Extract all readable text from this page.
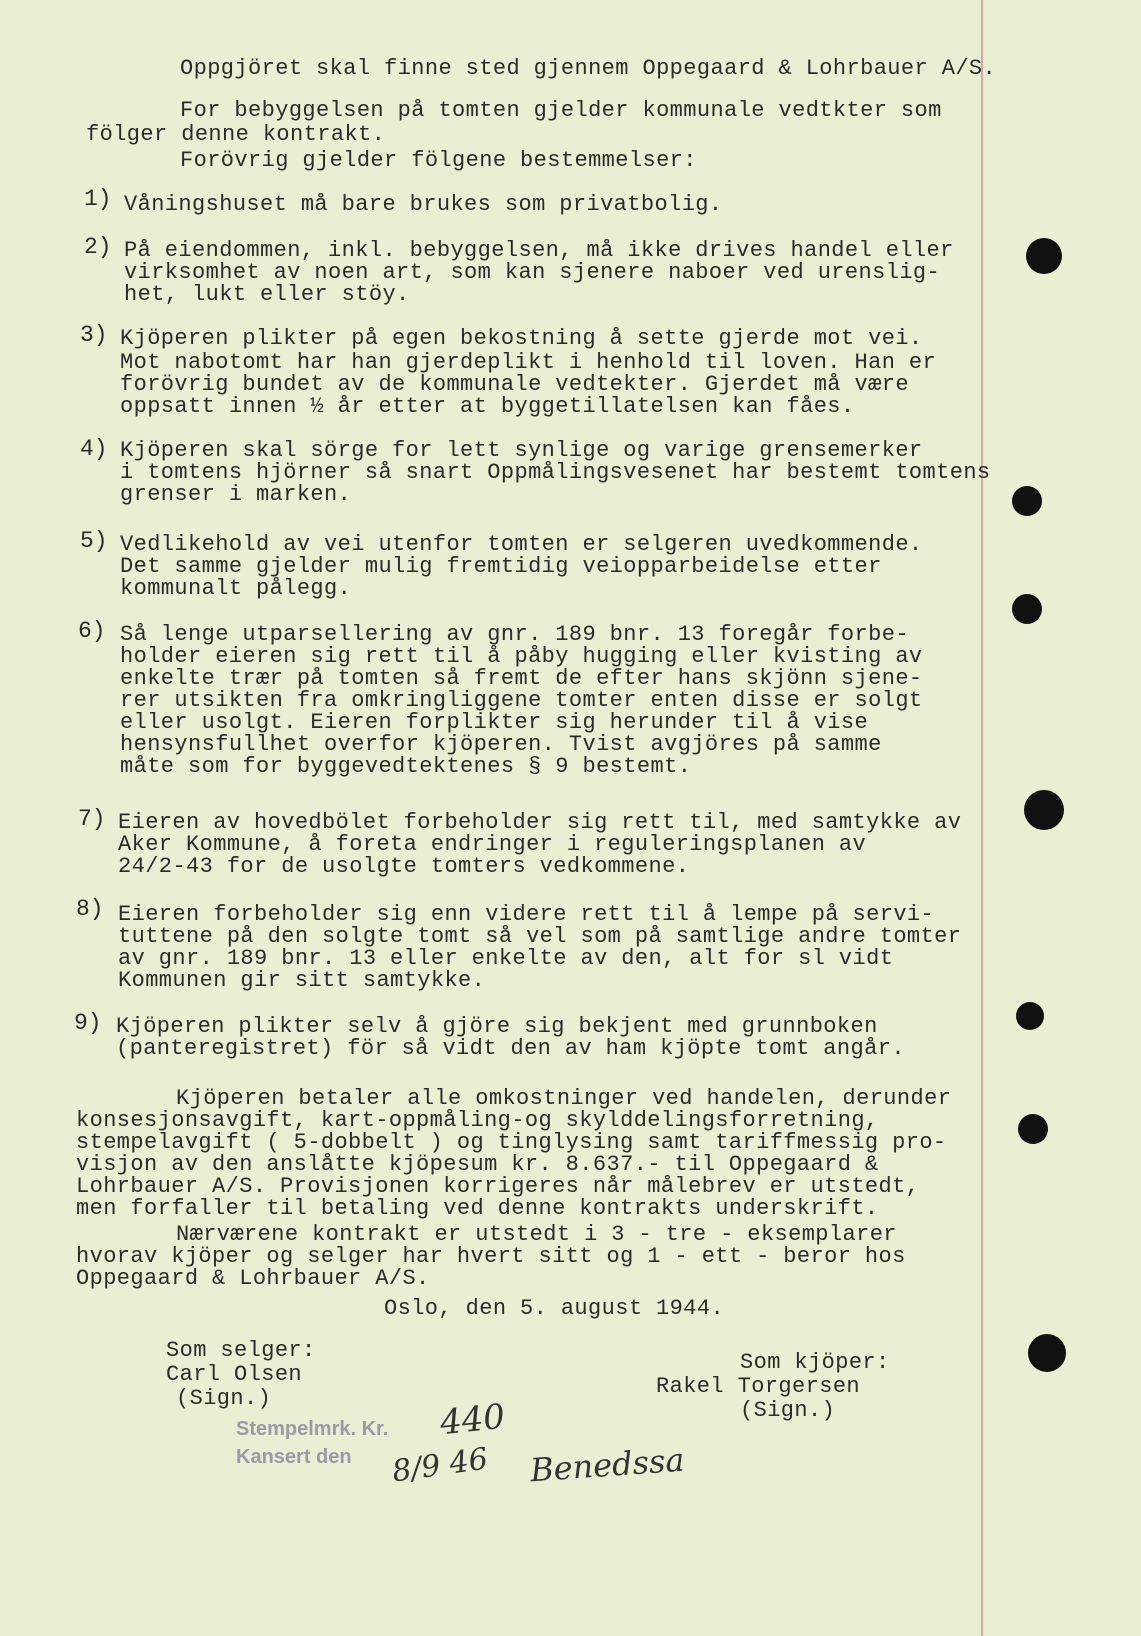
Oppgjöret skal finne sted gjennem Oppegaard & Lohrbauer A/S.
For bebyggelsen på tomten gjelder kommunale vedtkter som
fölger denne kontrakt.
Forövrig gjelder fölgene bestemmelser:
1) Våningshuset må bare brukes som privatbolig.
2) På eiendommen, inkl. bebyggelsen, må ikke drives handel eller
virksomhet av noen art, som kan sjenere naboer ved urenslig-
het, lukt eller stöy.
3) Kjöperen plikter på egen bekostning å sette gjerde mot vei.
Mot nabotomt har han gjerdeplikt i henhold til loven. Han er
forövrig bundet av de kommunale vedtekter. Gjerdet må være
oppsatt innen ½ år etter at byggetillatelsen kan fåes.
4) Kjöperen skal sörge for lett synlige og varige grensemerker
i tomtens hjörner så snart Oppmålingsvesenet har bestemt tomtens
grenser i marken.
5) Vedlikehold av vei utenfor tomten er selgeren uvedkommende.
Det samme gjelder mulig fremtidig veiopparbeidelse etter
kommunalt pålegg.
6) Så lenge utparsellering av gnr. 189 bnr. 13 foregår forbe-
holder eieren sig rett til å påby hugging eller kvisting av
enkelte trær på tomten så fremt de efter hans skjönn sjene-
rer utsikten fra omkringliggene tomter enten disse er solgt
eller usolgt. Eieren forplikter sig herunder til å vise
hensynsfullhet overfor kjöperen. Tvist avgjöres på samme
måte som for byggevedtektenes § 9 bestemt.
7) Eieren av hovedbölet forbeholder sig rett til, med samtykke av
Aker Kommune, å foreta endringer i reguleringsplanen av
24/2-43 for de usolgte tomters vedkommene.
8) Eieren forbeholder sig enn videre rett til å lempe på servi-
tuttene på den solgte tomt så vel som på samtlige andre tomter
av gnr. 189 bnr. 13 eller enkelte av den, alt for sl vidt
Kommunen gir sitt samtykke.
9) Kjöperen plikter selv å gjöre sig bekjent med grunnboken
(panteregistret) för så vidt den av ham kjöpte tomt angår.
Kjöperen betaler alle omkostninger ved handelen, derunder
konsesjonsavgift, kart-oppmåling-og skylddelingsforretning,
stempelavgift ( 5-dobbelt ) og tinglysing samt tariffmessig pro-
visjon av den anslåtte kjöpesum kr. 8.637.- til Oppegaard &
Lohrbauer A/S. Provisjonen korrigeres når målebrev er utstedt,
men forfaller til betaling ved denne kontrakts underskrift.
Nærværene kontrakt er utstedt i 3 - tre - eksemplarer
hvorav kjöper og selger har hvert sitt og 1 - ett - beror hos
Oppegaard & Lohrbauer A/S.
Oslo, den 5. august 1944.
Som selger:
Carl Olsen
(Sign.)
Som kjöper:
Rakel Torgersen
(Sign.)
Stempelmrk. Kr.
Kansert den
440
8/9 46 Benedssa
